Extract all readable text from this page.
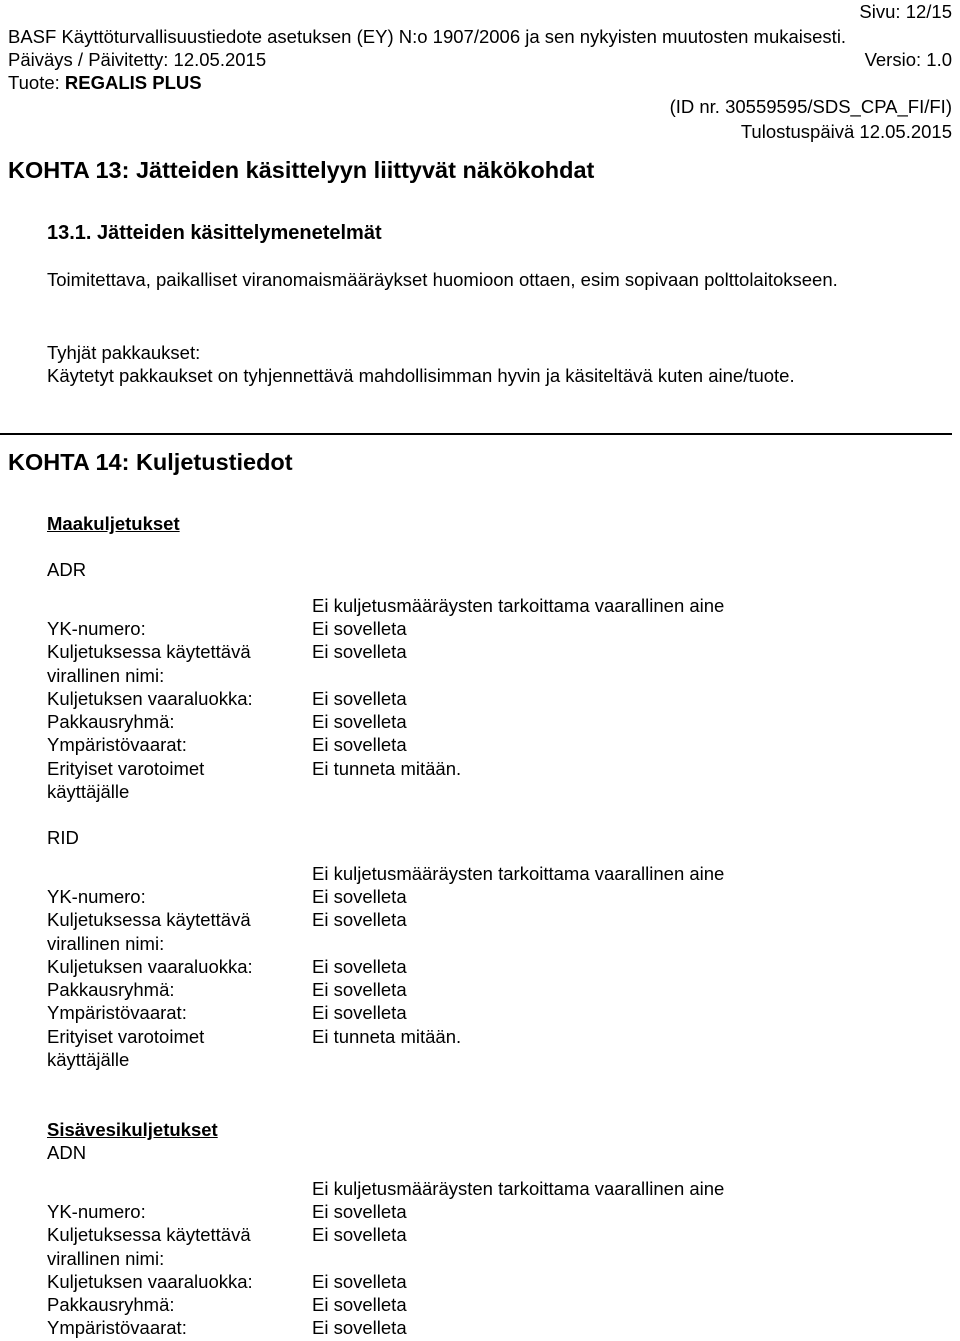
Sivu: 12/15
BASF Käyttöturvallisuustiedote asetuksen (EY) N:o 1907/2006 ja sen nykyisten muutosten mukaisesti.
Päiväys / Päivitetty: 12.05.2015	Versio: 1.0
Tuote: REGALIS PLUS
(ID nr. 30559595/SDS_CPA_FI/FI)
Tulostuspäivä 12.05.2015
KOHTA 13: Jätteiden käsittelyyn liittyvät näkökohdat
13.1. Jätteiden käsittelymenetelmät
Toimitettava, paikalliset viranomaismääräykset huomioon ottaen, esim sopivaan polttolaitokseen.
Tyhjät pakkaukset:
Käytetyt pakkaukset on tyhjennettävä mahdollisimman hyvin ja käsiteltävä kuten aine/tuote.
KOHTA 14: Kuljetustiedot
Maakuljetukset
ADR
Ei kuljetusmääräysten tarkoittama vaarallinen aine
YK-numero:	Ei sovelleta
Kuljetuksessa käytettävä	Ei sovelleta
virallinen nimi:
Kuljetuksen vaaraluokka:	Ei sovelleta
Pakkausryhmä:	Ei sovelleta
Ympäristövaarat:	Ei sovelleta
Erityiset varotoimet	Ei tunneta mitään.
käyttäjälle
RID
Ei kuljetusmääräysten tarkoittama vaarallinen aine
YK-numero:	Ei sovelleta
Kuljetuksessa käytettävä	Ei sovelleta
virallinen nimi:
Kuljetuksen vaaraluokka:	Ei sovelleta
Pakkausryhmä:	Ei sovelleta
Ympäristövaarat:	Ei sovelleta
Erityiset varotoimet	Ei tunneta mitään.
käyttäjälle
Sisävesikuljetukset
ADN
Ei kuljetusmääräysten tarkoittama vaarallinen aine
YK-numero:	Ei sovelleta
Kuljetuksessa käytettävä	Ei sovelleta
virallinen nimi:
Kuljetuksen vaaraluokka:	Ei sovelleta
Pakkausryhmä:	Ei sovelleta
Ympäristövaarat:	Ei sovelleta
